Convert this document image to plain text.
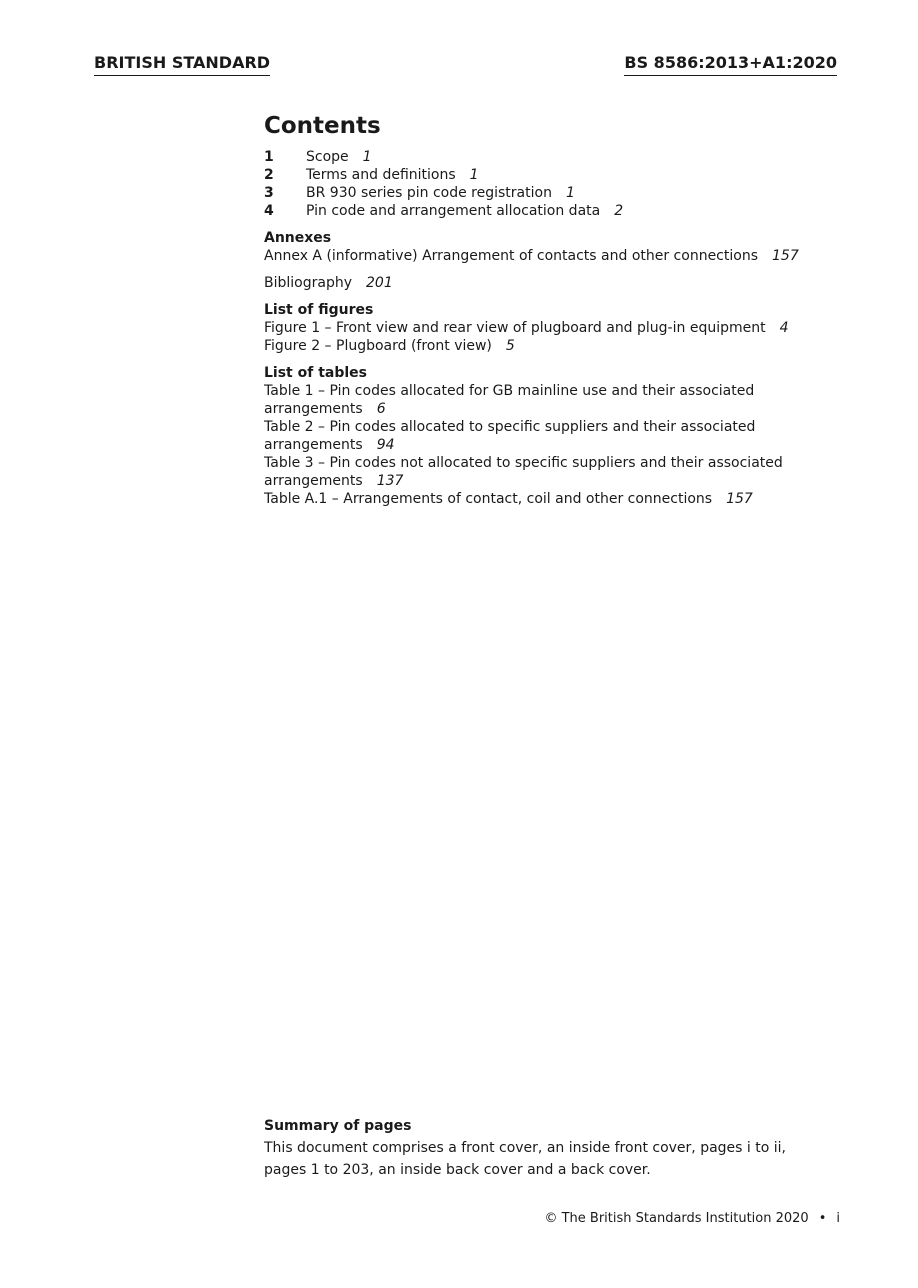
BRITISH STANDARD	BS 8586:2013+A1:2020
Contents
1	Scope 1
2	Terms and definitions 1
3	BR 930 series pin code registration 1
4	Pin code and arrangement allocation data 2
Annexes
Annex A (informative) Arrangement of contacts and other connections 157
Bibliography 201
List of figures
Figure 1 – Front view and rear view of plugboard and plug-in equipment 4
Figure 2 – Plugboard (front view) 5
List of tables
Table 1 – Pin codes allocated for GB mainline use and their associated
arrangements 6
Table 2 – Pin codes allocated to specific suppliers and their associated
arrangements 94
Table 3 – Pin codes not allocated to specific suppliers and their associated
arrangements 137
Table A.1 – Arrangements of contact, coil and other connections 157
Summary of pages
This document comprises a front cover, an inside front cover, pages i to ii,
pages 1 to 203, an inside back cover and a back cover.
© The British Standards Institution 2020 • i
